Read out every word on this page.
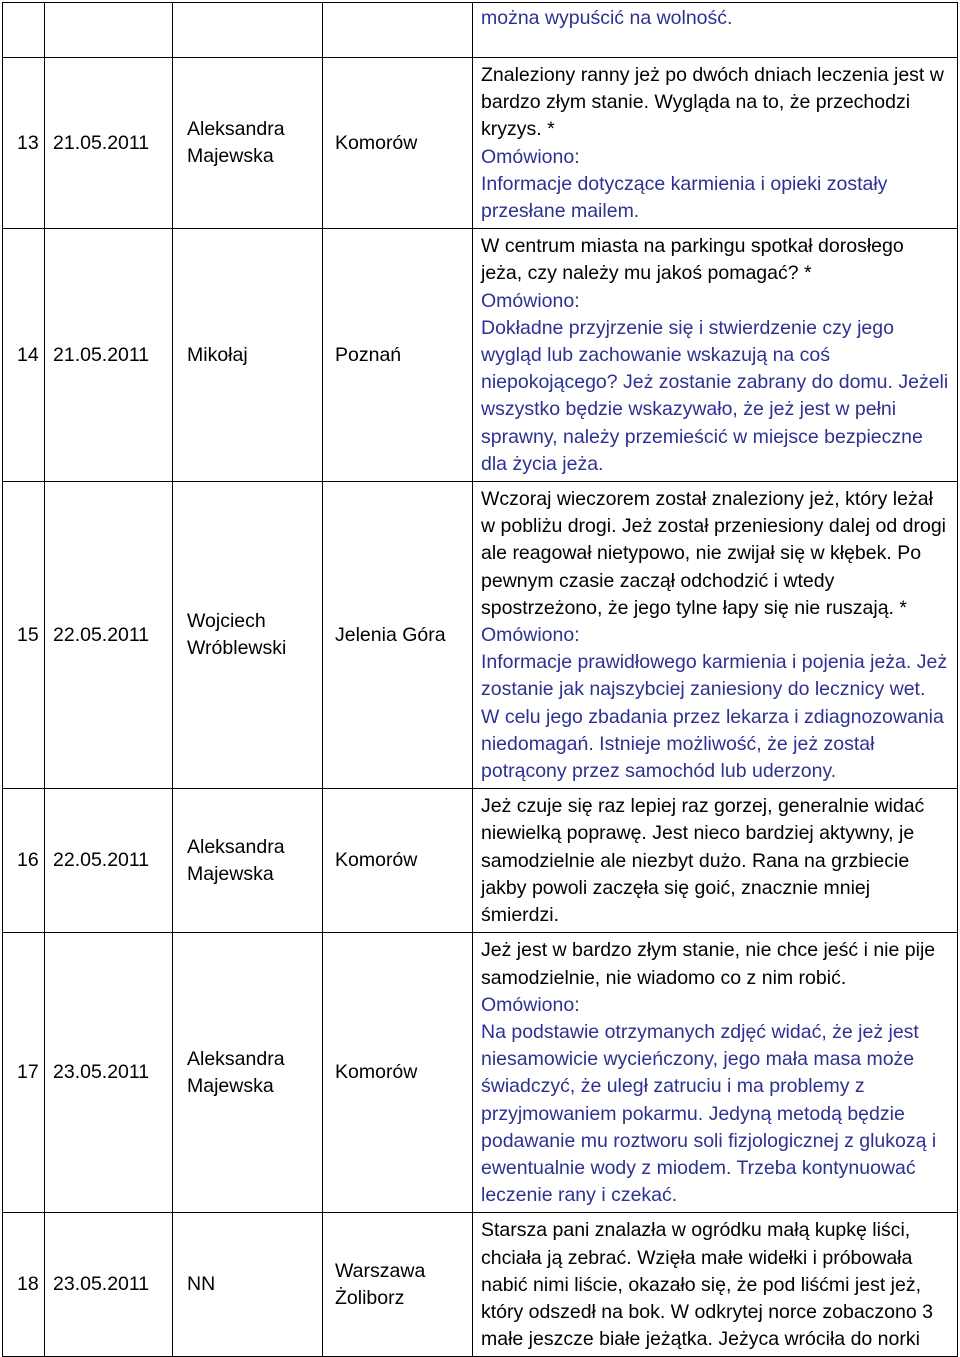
				można wypuścić na wolność.

13	21.05.2011	Aleksandra Majewska	Komorów	Znaleziony ranny jeż po dwóch dniach leczenia jest w bardzo złym stanie. Wygląda na to, że przechodzi kryzys. *

Omówiono:

Informacje dotyczące karmienia i opieki zostały przesłane mailem.

14	21.05.2011	Mikołaj	Poznań	W centrum miasta na parkingu spotkał dorosłego jeża, czy należy mu jakoś pomagać? *

Omówiono:

Dokładne przyjrzenie się i stwierdzenie czy jego wygląd lub zachowanie wskazują na coś niepokojącego? Jeż zostanie zabrany do domu. Jeżeli wszystko będzie wskazywało, że jeż jest w pełni sprawny, należy przemieścić w miejsce bezpieczne dla życia jeża.

15	22.05.2011	Wojciech Wróblewski	Jelenia Góra	Wczoraj wieczorem został znaleziony jeż, który leżał w pobliżu drogi. Jeż został przeniesiony dalej od drogi ale reagował nietypowo, nie zwijał się w kłębek. Po pewnym czasie zaczął odchodzić i wtedy spostrzeżono, że jego tylne łapy się nie ruszają. *

Omówiono:

Informacje prawidłowego karmienia i pojenia jeża. Jeż zostanie jak najszybciej zaniesiony do lecznicy wet. W celu jego zbadania przez lekarza i zdiagnozowania niedomagań. Istnieje możliwość, że jeż został potrącony przez samochód lub uderzony.

16	22.05.2011	Aleksandra Majewska	Komorów	Jeż czuje się raz lepiej raz gorzej, generalnie widać niewielką poprawę. Jest nieco bardziej aktywny, je samodzielnie ale niezbyt dużo. Rana na grzbiecie jakby powoli zaczęła się goić, znacznie mniej śmierdzi.

17	23.05.2011	Aleksandra Majewska	Komorów	Jeż jest w bardzo złym stanie, nie chce jeść i nie pije samodzielnie, nie wiadomo co z nim robić.

Omówiono:

Na podstawie otrzymanych zdjęć widać, że jeż jest niesamowicie wycieńczony, jego mała masa może świadczyć, że uległ zatruciu i ma problemy z przyjmowaniem pokarmu. Jedyną metodą będzie podawanie mu roztworu soli fizjologicznej z glukozą i ewentualnie wody z miodem. Trzeba kontynuować leczenie rany i czekać.

18	23.05.2011	NN	Warszawa Żoliborz	Starsza pani znalazła w ogródku małą kupkę liści, chciała ją zebrać. Wzięła małe widełki i próbowała nabić nimi liście, okazało się, że pod liśćmi jest jeż, który odszedł na bok. W odkrytej norce zobaczono 3 małe jeszcze białe jeżątka. Jeżyca wróciła do norki
